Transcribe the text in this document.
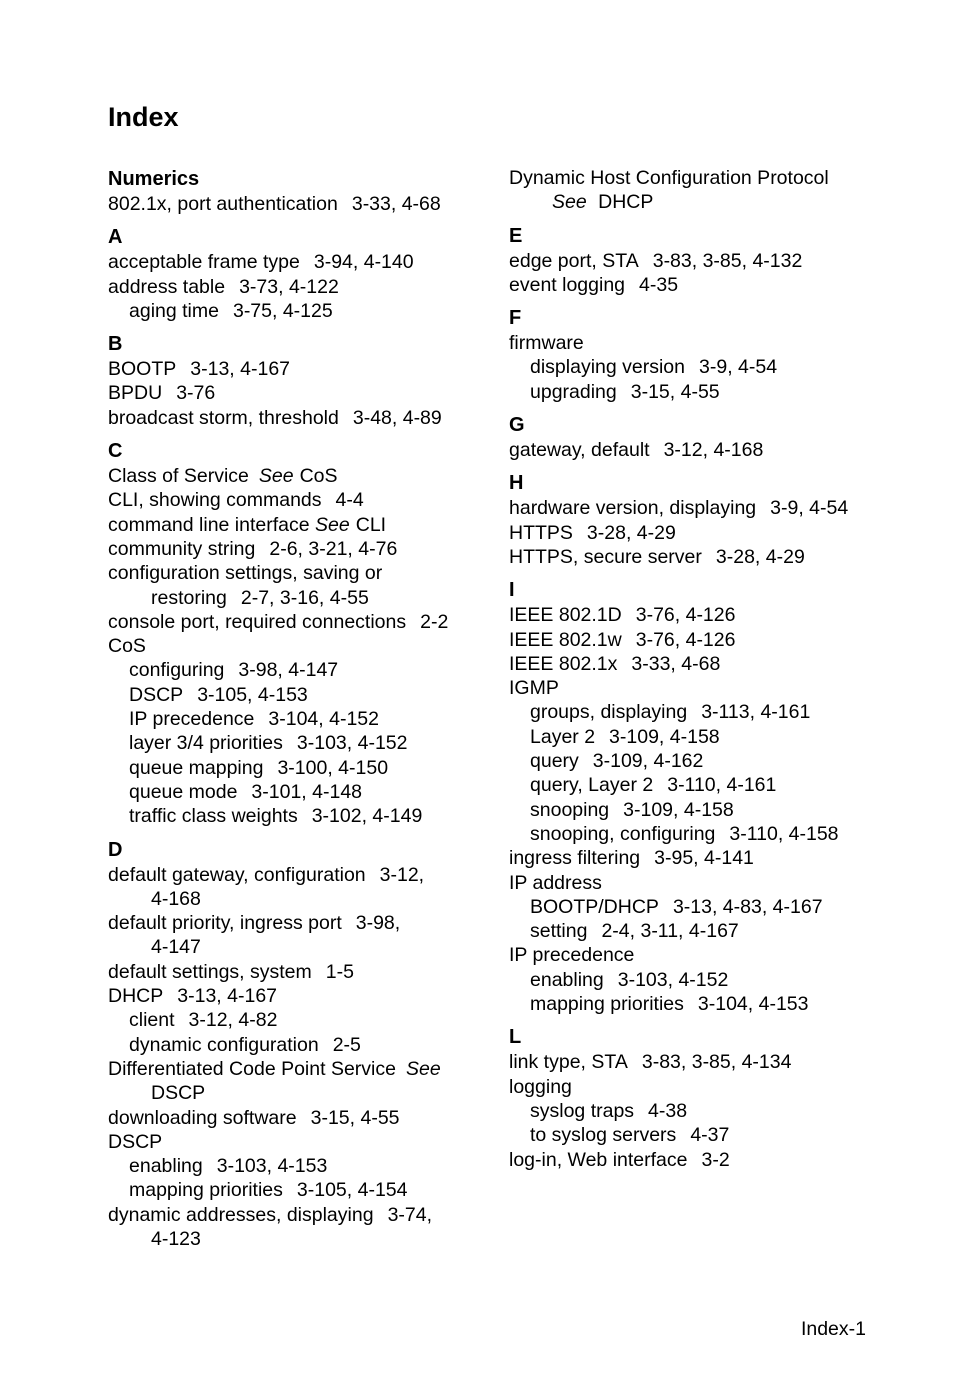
Index
Numerics
802.1x, port authentication 3-33, 4-68
A
acceptable frame type 3-94, 4-140
address table 3-73, 4-122
aging time 3-75, 4-125
B
BOOTP 3-13, 4-167
BPDU 3-76
broadcast storm, threshold 3-48, 4-89
C
Class of Service See CoS
CLI, showing commands 4-4
command line interface See CLI
community string 2-6, 3-21, 4-76
configuration settings, saving or
restoring 2-7, 3-16, 4-55
console port, required connections 2-2
CoS
configuring 3-98, 4-147
DSCP 3-105, 4-153
IP precedence 3-104, 4-152
layer 3/4 priorities 3-103, 4-152
queue mapping 3-100, 4-150
queue mode 3-101, 4-148
traffic class weights 3-102, 4-149
D
default gateway, configuration 3-12,
4-168
default priority, ingress port 3-98,
4-147
default settings, system 1-5
DHCP 3-13, 4-167
client 3-12, 4-82
dynamic configuration 2-5
Differentiated Code Point Service See
DSCP
downloading software 3-15, 4-55
DSCP
enabling 3-103, 4-153
mapping priorities 3-105, 4-154
dynamic addresses, displaying 3-74,
4-123
Dynamic Host Configuration Protocol
See DHCP
E
edge port, STA 3-83, 3-85, 4-132
event logging 4-35
F
firmware
displaying version 3-9, 4-54
upgrading 3-15, 4-55
G
gateway, default 3-12, 4-168
H
hardware version, displaying 3-9, 4-54
HTTPS 3-28, 4-29
HTTPS, secure server 3-28, 4-29
I
IEEE 802.1D 3-76, 4-126
IEEE 802.1w 3-76, 4-126
IEEE 802.1x 3-33, 4-68
IGMP
groups, displaying 3-113, 4-161
Layer 2 3-109, 4-158
query 3-109, 4-162
query, Layer 2 3-110, 4-161
snooping 3-109, 4-158
snooping, configuring 3-110, 4-158
ingress filtering 3-95, 4-141
IP address
BOOTP/DHCP 3-13, 4-83, 4-167
setting 2-4, 3-11, 4-167
IP precedence
enabling 3-103, 4-152
mapping priorities 3-104, 4-153
L
link type, STA 3-83, 3-85, 4-134
logging
syslog traps 4-38
to syslog servers 4-37
log-in, Web interface 3-2
Index-1
